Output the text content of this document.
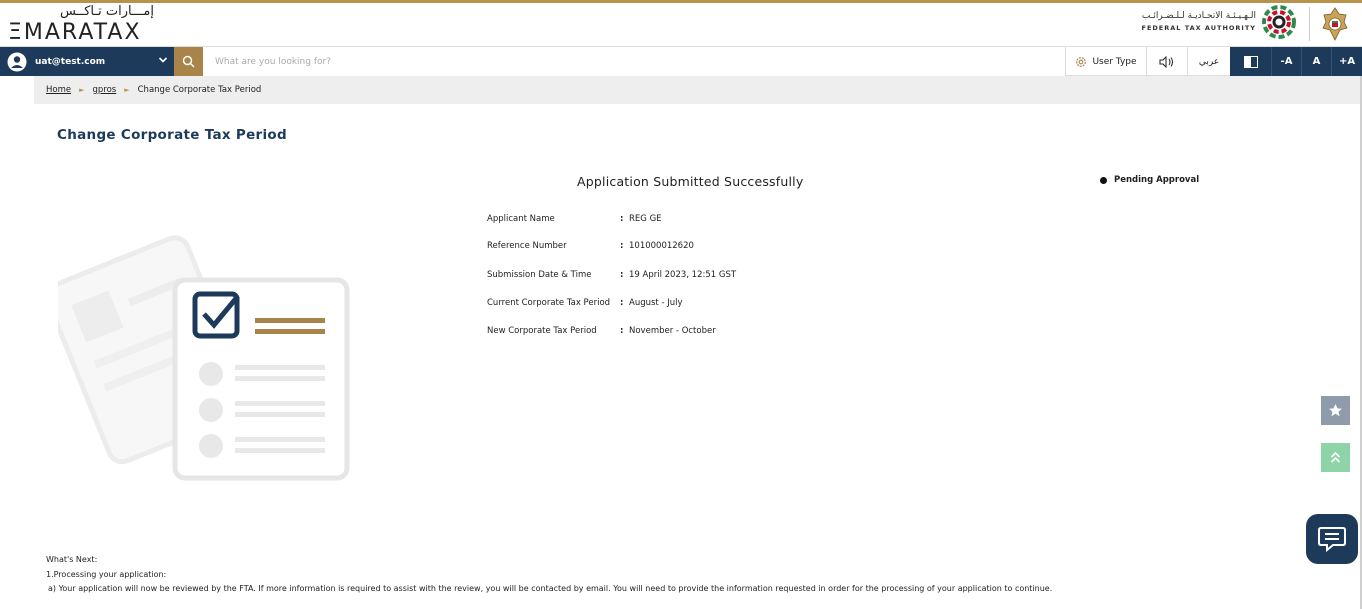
إمـــارات تـاكــس
ΞMARATAX
الـهـيـئـة الاتحـاديـة لـلـضـرائـب
FEDERAL TAX AUTHORITY
uat@test.com
What are you looking for?	User Type	عربي	-A	A	+A
Home ► gpros ► Change Corporate Tax Period
Change Corporate Tax Period
Application Submitted Successfully	Pending Approval
Applicant Name	: REG GE
Reference Number	: 101000012620
Submission Date & Time	: 19 April 2023, 12:51 GST
Current Corporate Tax Period : August - July
New Corporate Tax Period	: November - October
What's Next:
1.Processing your application:
a) Your application will now be reviewed by the FTA. If more information is required to assist with the review, you will be contacted by email. You will need to provide the information requested in order for the processing of your application to continue.
